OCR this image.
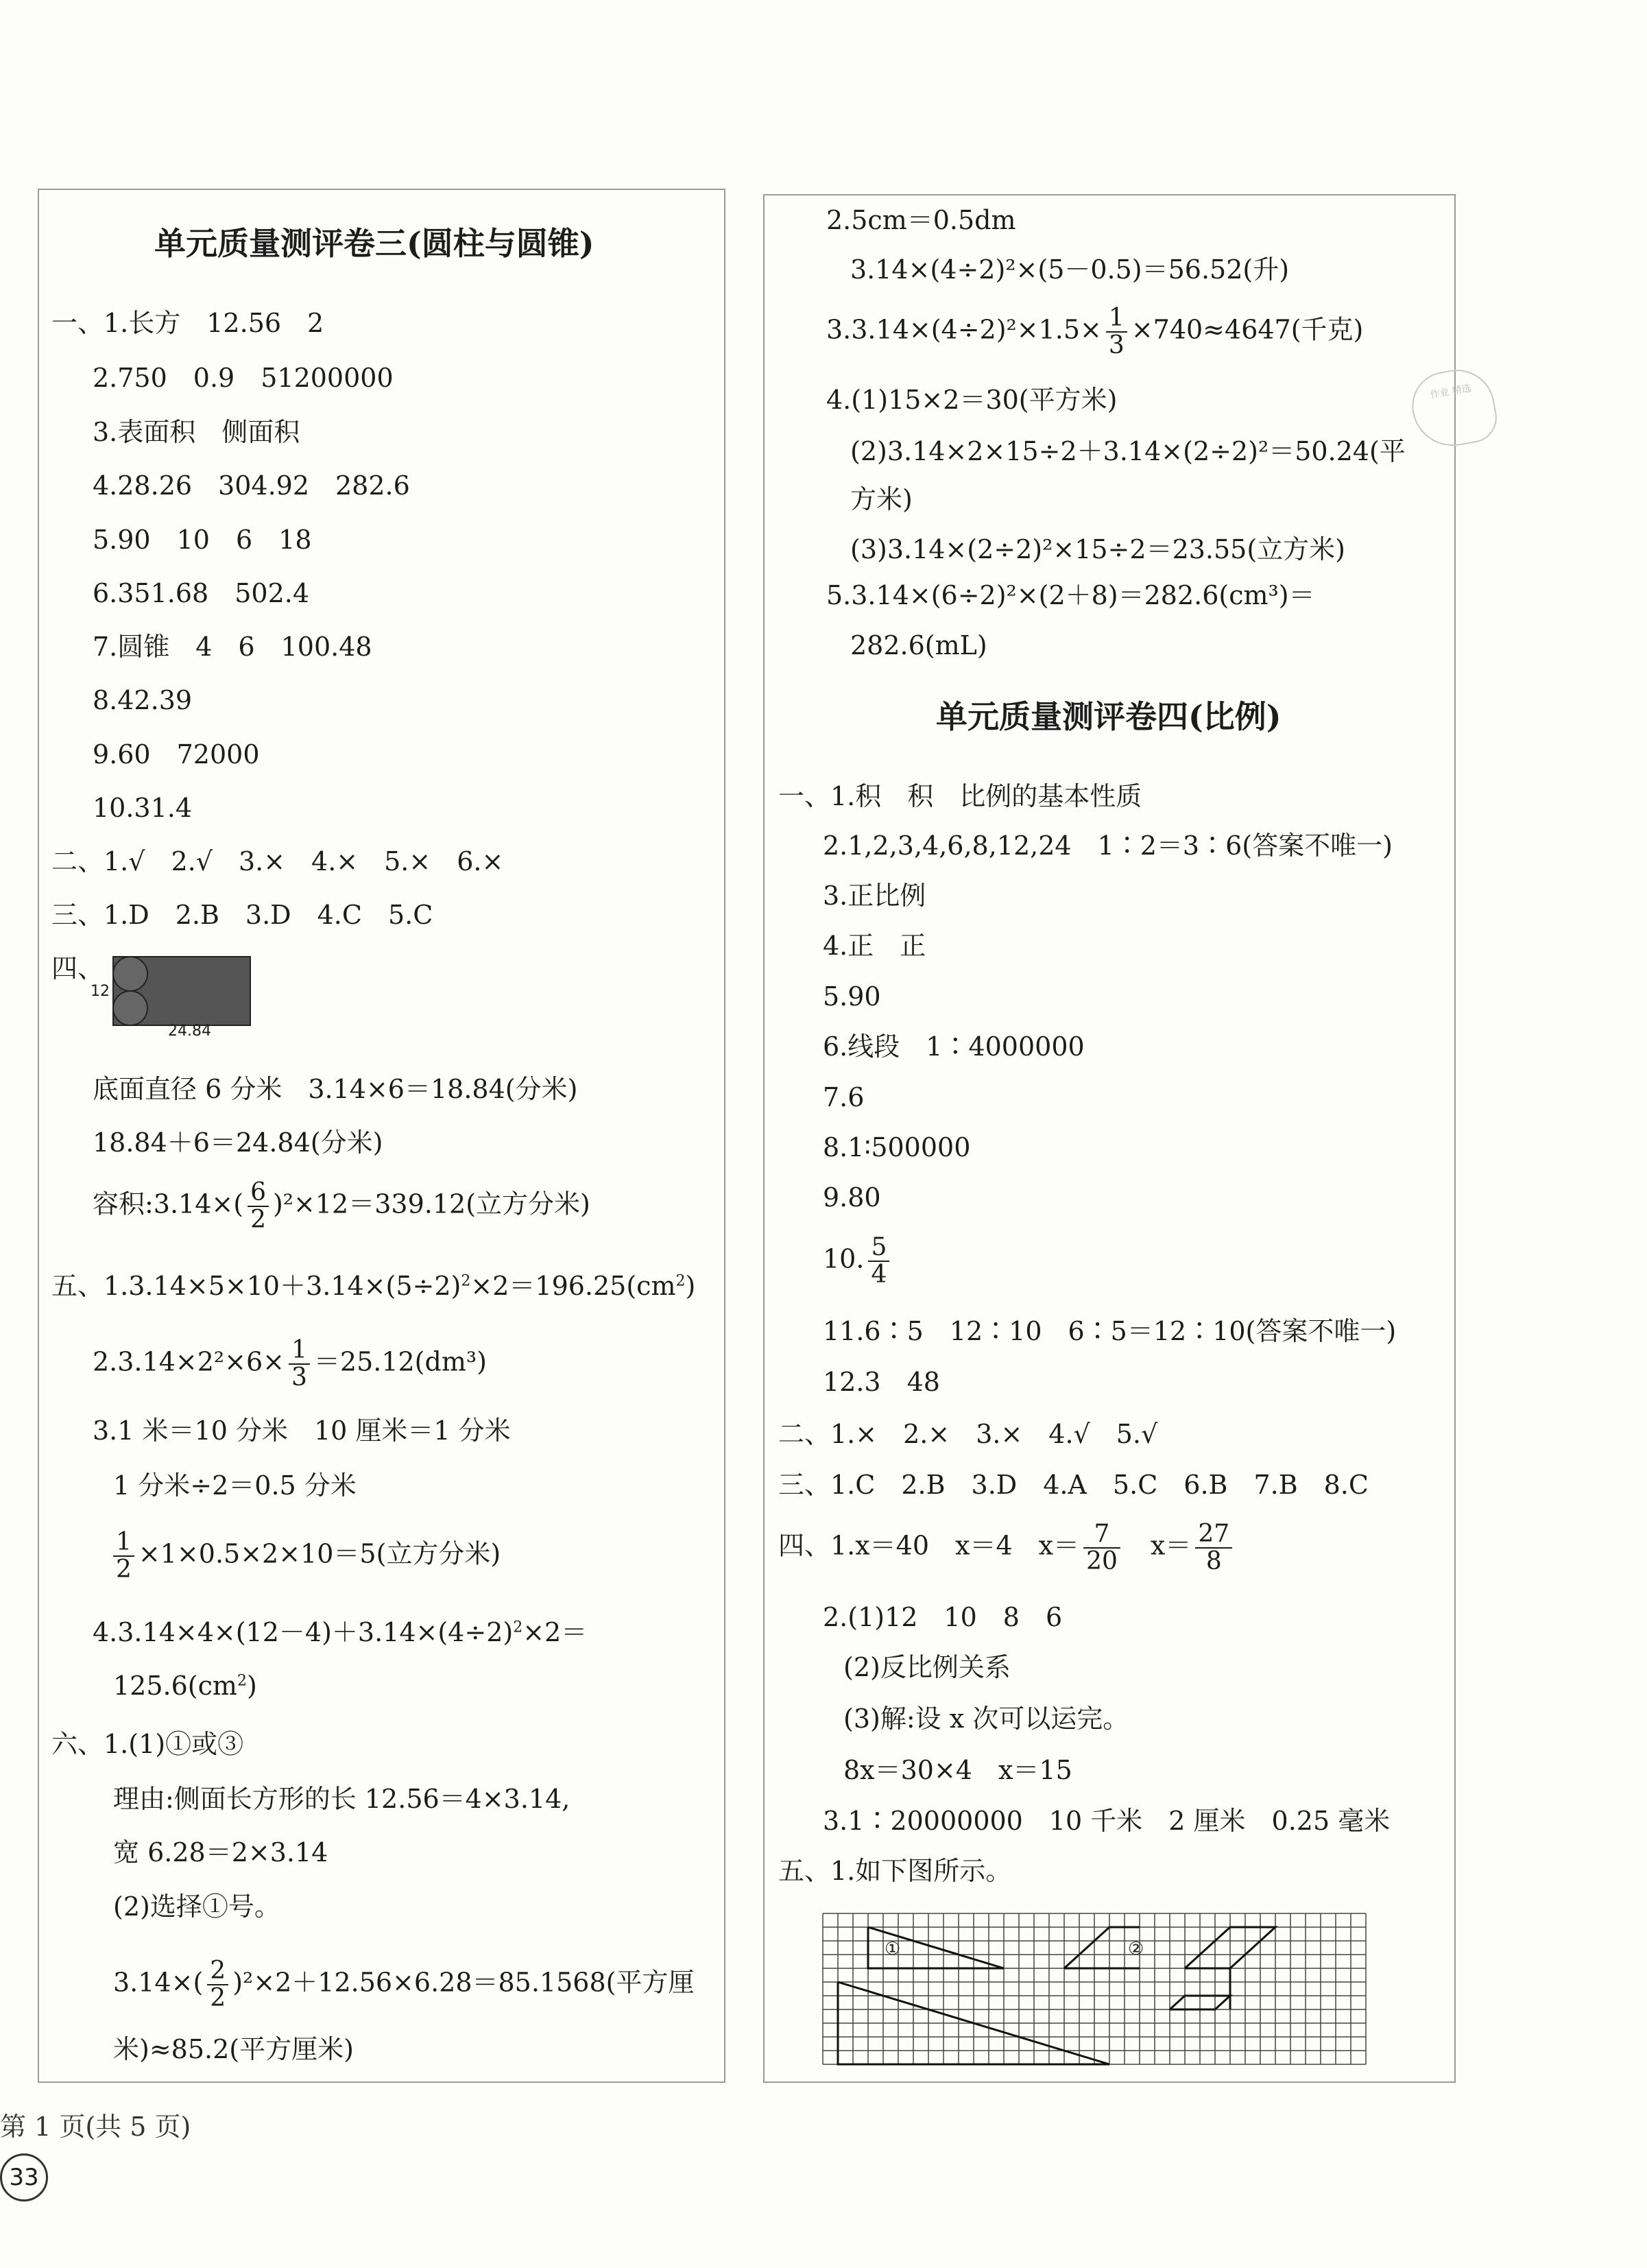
单元质量测评卷三(圆柱与圆锥)
一、1.长方　12.56　2
2.750　0.9　51200000
3.表面积　侧面积
4.28.26　304.92　282.6
5.90　10　6　18
6.351.68　502.4
7.圆锥　4　6　100.48
8.42.39
9.60　72000
10.31.4
二、1.√　2.√　3.×　4.×　5.×　6.×
三、1.D　2.B　3.D　4.C　5.C
四、
12
24.84
底面直径 6 分米　3.14×6＝18.84(分米)
18.84＋6＝24.84(分米)
容积:3.14×( $\frac{6}{2} )^2\times 12=339.12$(立方分米)
五、$1.3.14\times 5\times 10+3.14\times(5\div 2)^2\times 2=196.25(cm^2)$
$2.3.14\times 2^2\times 6\times \frac{1}{3} =25.12(dm^3)$
3.1 米＝10 分米　10 厘米＝1 分米
1 分米÷2＝0.5 分米
$\frac{1}{2} \times 1\times 0.5\times 2\times 10=5$(立方分米)
$4.3.14\times 4\times(12-4)+3.14\times(4\div 2)^2\times 2=$
$125.6(cm^2)$
六、1.(1)①或③
理由:侧面长方形的长 12.56＝4×3.14,
宽 6.28＝2×3.14
(2)选择①号。
$3.14\times( \frac{2}{2} )^2\times 2+12.56\times 6.28=85.1568$(平方厘
米)≈85.2(平方厘米)
2.5cm＝0.5dm
3.14×(4÷2)²×(5－0.5)＝56.52(升)
$3.3.14\times(4\div 2)^2\times 1.5\times \frac{1}{3} \times 740\approx 4647$(千克)
4.(1)15×2＝30(平方米)
(2)3.14×2×15÷2＋3.14×(2÷2)²＝50.24(平
方米)
(3)3.14×(2÷2)²×15÷2＝23.55(立方米)
5.3.14×(6÷2)²×(2＋8)＝282.6(cm³)＝
282.6(mL)
作业 精选
单元质量测评卷四(比例)
一、1.积　积　比例的基本性质
2.1,2,3,4,6,8,12,24　1∶2＝3∶6(答案不唯一)
3.正比例
4.正　正
5.90
6.线段　1∶4000000
7.6
8.1∶500000
9.80
10. $\frac{5}{4}$
11.6∶5　12∶10　6∶5＝12∶10(答案不唯一)
12.3　48
二、1.×　2.×　3.×　4.√　5.√
三、1.C　2.B　3.D　4.A　5.C　6.B　7.B　8.C
四、1.x＝40　x＝4　$x= \frac{7}{20}$
　 $x= \frac{27}{8}$
2.(1)12　10　8　6
(2)反比例关系
(3)解:设 x 次可以运完。
8x＝30×4　x＝15
3.1∶20000000　10 千米　2 厘米　0.25 毫米
五、1.如下图所示。
①	②
第 1 页(共 5 页)
33
